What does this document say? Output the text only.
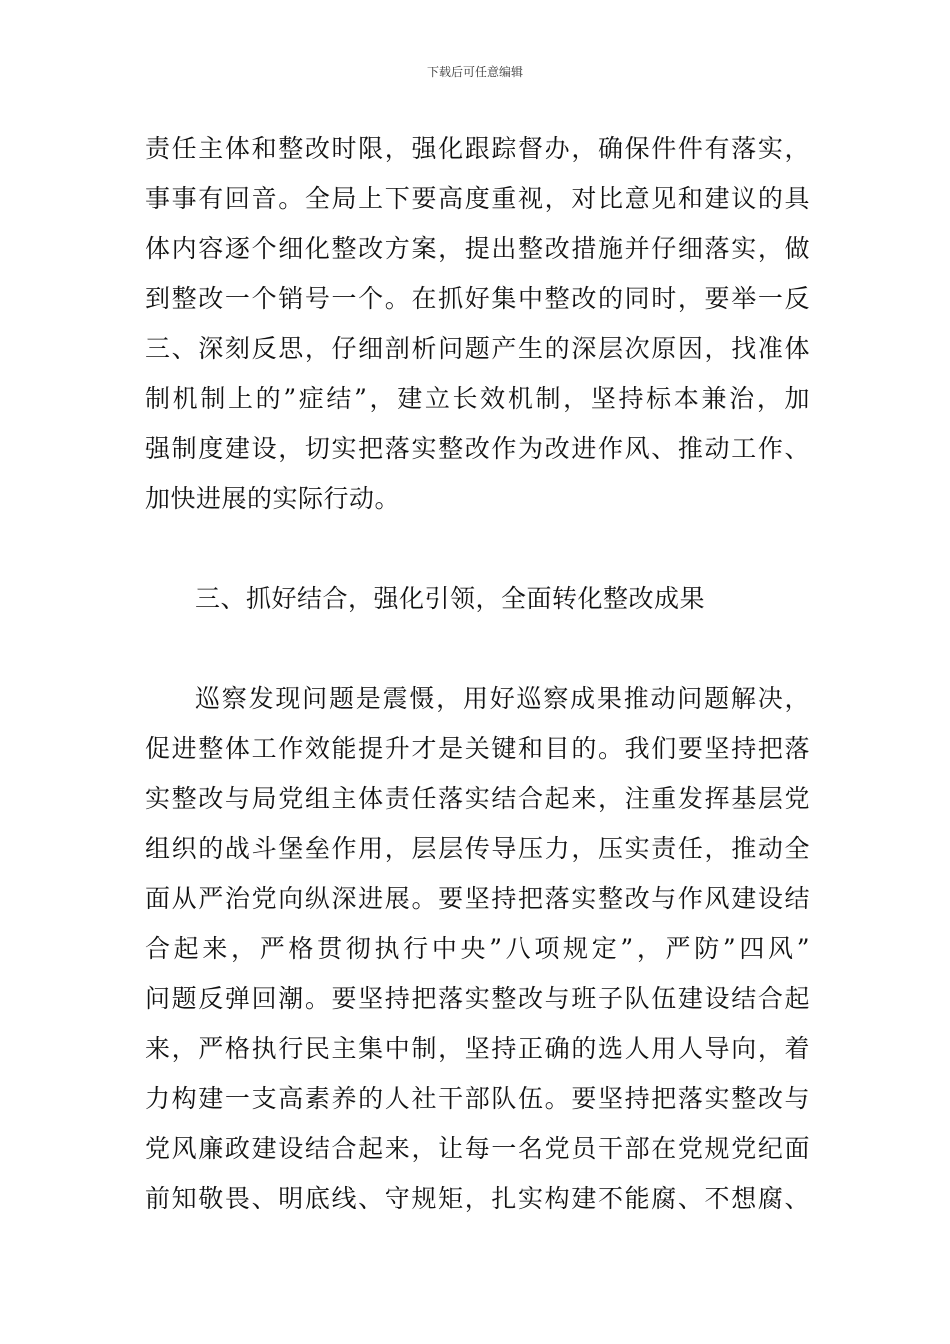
下载后可任意编辑
责任主体和整改时限，强化跟踪督办，确保件件有落实，
事事有回音。全局上下要高度重视，对比意见和建议的具
体内容逐个细化整改方案，提出整改措施并仔细落实，做
到整改一个销号一个。在抓好集中整改的同时，要举一反
三、深刻反思，仔细剖析问题产生的深层次原因，找准体
制机制上的”症结”，建立长效机制，坚持标本兼治，加
强制度建设，切实把落实整改作为改进作风、推动工作、
加快进展的实际行动。
三、抓好结合，强化引领，全面转化整改成果
巡察发现问题是震慑，用好巡察成果推动问题解决，
促进整体工作效能提升才是关键和目的。我们要坚持把落
实整改与局党组主体责任落实结合起来，注重发挥基层党
组织的战斗堡垒作用，层层传导压力，压实责任，推动全
面从严治党向纵深进展。要坚持把落实整改与作风建设结
合起来，严格贯彻执行中央”八项规定”，严防”四风”
问题反弹回潮。要坚持把落实整改与班子队伍建设结合起
来，严格执行民主集中制，坚持正确的选人用人导向，着
力构建一支高素养的人社干部队伍。要坚持把落实整改与
党风廉政建设结合起来，让每一名党员干部在党规党纪面
前知敬畏、明底线、守规矩，扎实构建不能腐、不想腐、
